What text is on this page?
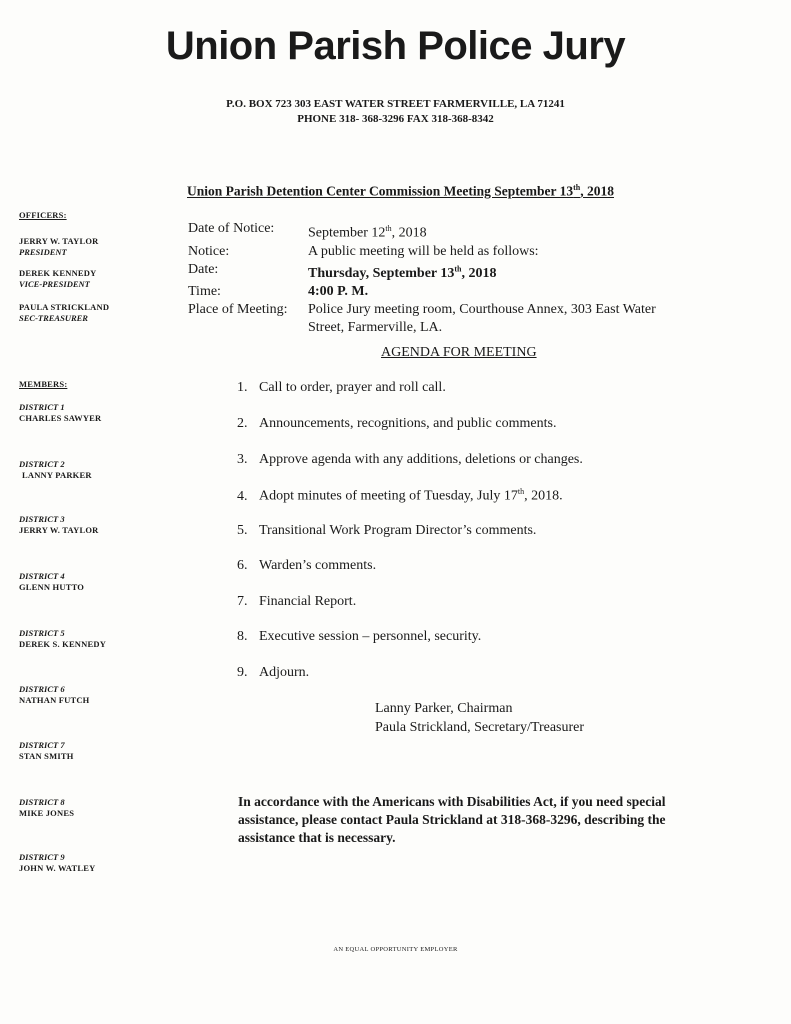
Union Parish Police Jury
P.O. BOX 723 303 EAST WATER STREET FARMERVILLE, LA 71241
PHONE 318- 368-3296 FAX 318-368-8342
Union Parish Detention Center Commission Meeting September 13th, 2018
OFFICERS:
JERRY W. TAYLOR
PRESIDENT
DEREK KENNEDY
VICE-PRESIDENT
PAULA STRICKLAND
SEC-TREASURER
MEMBERS:
DISTRICT 1
CHARLES SAWYER
DISTRICT 2
LANNY PARKER
DISTRICT 3
JERRY W. TAYLOR
DISTRICT 4
GLENN HUTTO
DISTRICT 5
DEREK S. KENNEDY
DISTRICT 6
NATHAN FUTCH
DISTRICT 7
STAN SMITH
DISTRICT 8
MIKE JONES
DISTRICT 9
JOHN W. WATLEY
Date of Notice:	September 12th, 2018
Notice:	A public meeting will be held as follows:
Date:	Thursday, September 13th, 2018
Time:	4:00 P. M.
Place of Meeting:	Police Jury meeting room, Courthouse Annex, 303 East Water
Street, Farmerville, LA.
AGENDA FOR MEETING
1. Call to order, prayer and roll call.
2. Announcements, recognitions, and public comments.
3. Approve agenda with any additions, deletions or changes.
4. Adopt minutes of meeting of Tuesday, July 17th, 2018.
5. Transitional Work Program Director’s comments.
6. Warden’s comments.
7. Financial Report.
8. Executive session – personnel, security.
9. Adjourn.
Lanny Parker, Chairman
Paula Strickland, Secretary/Treasurer
In accordance with the Americans with Disabilities Act, if you need special assistance, please contact Paula Strickland at 318-368-3296, describing the assistance that is necessary.
AN EQUAL OPPORTUNITY EMPLOYER
